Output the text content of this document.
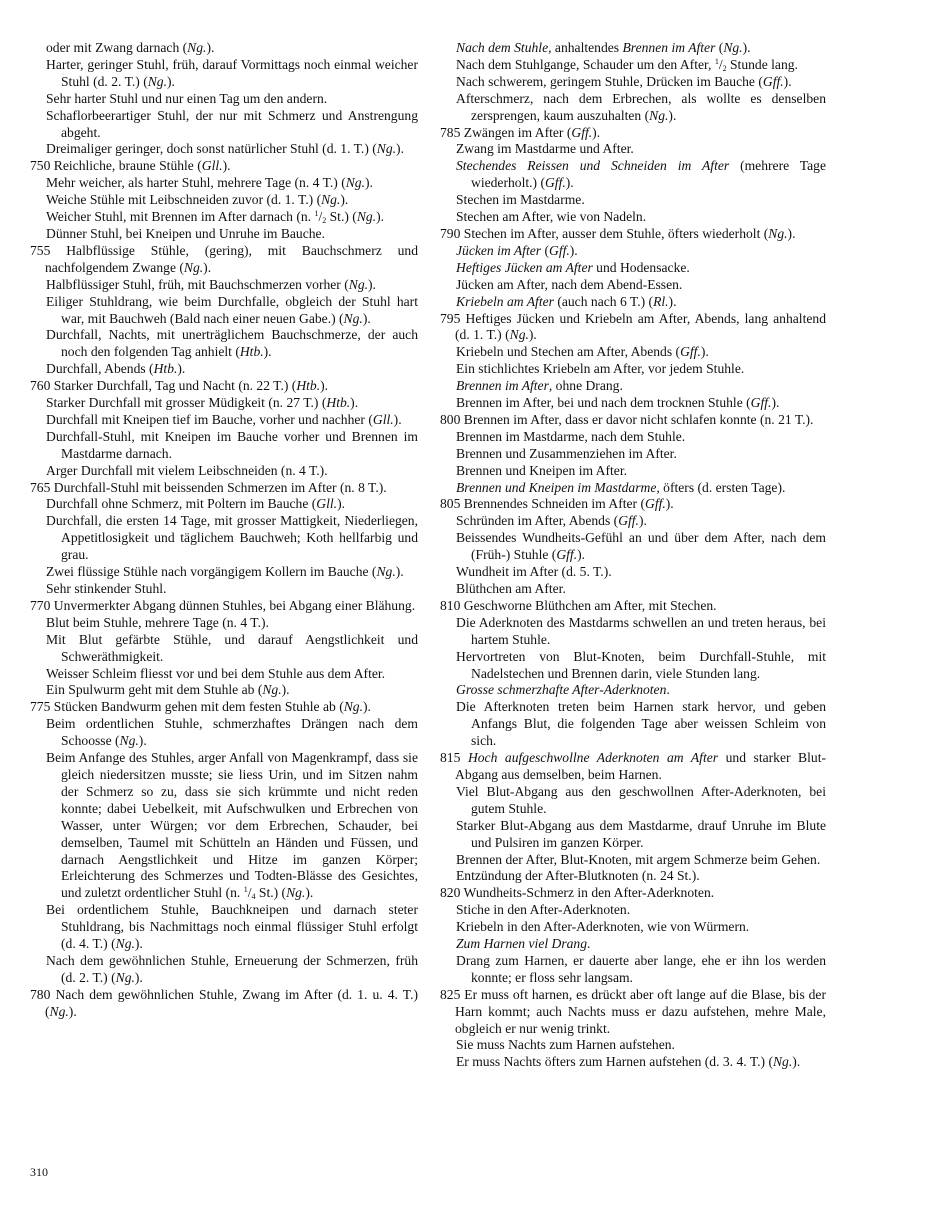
oder mit Zwang darnach (Ng.).
Harter, geringer Stuhl, früh, darauf Vormittags noch einmal weicher Stuhl (d. 2. T.) (Ng.).
Sehr harter Stuhl und nur einen Tag um den andern.
Schaflorbeerartiger Stuhl, der nur mit Schmerz und Anstrengung abgeht.
Dreimaliger geringer, doch sonst natürlicher Stuhl (d. 1. T.) (Ng.).
750 Reichliche, braune Stühle (Gll.).
Mehr weicher, als harter Stuhl, mehrere Tage (n. 4 T.) (Ng.).
Weiche Stühle mit Leibschneiden zuvor (d. 1. T.) (Ng.).
Weicher Stuhl, mit Brennen im After darnach (n. $^1/_2$ St.) (Ng.).
Dünner Stuhl, bei Kneipen und Unruhe im Bauche.
755 Halbflüssige Stühle, (gering), mit Bauchschmerz und nachfolgendem Zwange (Ng.).
Halbflüssiger Stuhl, früh, mit Bauchschmerzen vorher (Ng.).
Eiliger Stuhldrang, wie beim Durchfalle, obgleich der Stuhl hart war, mit Bauchweh (Bald nach einer neuen Gabe.) (Ng.).
Durchfall, Nachts, mit unerträglichem Bauchschmerze, der auch noch den folgenden Tag anhielt (Htb.).
Durchfall, Abends (Htb.).
760 Starker Durchfall, Tag und Nacht (n. 22 T.) (Htb.).
Starker Durchfall mit grosser Müdigkeit (n. 27 T.) (Htb.).
Durchfall mit Kneipen tief im Bauche, vorher und nachher (Gll.).
Durchfall-Stuhl, mit Kneipen im Bauche vorher und Brennen im Mastdarme darnach.
Arger Durchfall mit vielem Leibschneiden (n. 4 T.).
765 Durchfall-Stuhl mit beissenden Schmerzen im After (n. 8 T.).
Durchfall ohne Schmerz, mit Poltern im Bauche (Gll.).
Durchfall, die ersten 14 Tage, mit grosser Mattigkeit, Niederliegen, Appetitlosigkeit und täglichem Bauchweh; Koth hellfarbig und grau.
Zwei flüssige Stühle nach vorgängigem Kollern im Bauche (Ng.).
Sehr stinkender Stuhl.
770 Unvermerkter Abgang dünnen Stuhles, bei Abgang einer Blähung.
Blut beim Stuhle, mehrere Tage (n. 4 T.).
Mit Blut gefärbte Stühle, und darauf Aengstlichkeit und Schweräthmigkeit.
Weisser Schleim fliesst vor und bei dem Stuhle aus dem After.
Ein Spulwurm geht mit dem Stuhle ab (Ng.).
775 Stücken Bandwurm gehen mit dem festen Stuhle ab (Ng.).
Beim ordentlichen Stuhle, schmerzhaftes Drängen nach dem Schoosse (Ng.).
Beim Anfange des Stuhles, arger Anfall von Magenkrampf, dass sie gleich niedersitzen musste; sie liess Urin, und im Sitzen nahm der Schmerz so zu, dass sie sich krümmte und nicht reden konnte; dabei Uebelkeit, mit Aufschwulken und Erbrechen von Wasser, unter Würgen; vor dem Erbrechen, Schauder, bei demselben, Taumel mit Schütteln an Händen und Füssen, und darnach Aengstlichkeit und Hitze im ganzen Körper; Erleichterung des Schmerzes und Todten-Blässe des Gesichtes, und zuletzt ordentlicher Stuhl (n. $^1/_4$ St.) (Ng.).
Bei ordentlichem Stuhle, Bauchkneipen und darnach steter Stuhldrang, bis Nachmittags noch einmal flüssiger Stuhl erfolgt (d. 4. T.) (Ng.).
Nach dem gewöhnlichen Stuhle, Erneuerung der Schmerzen, früh (d. 2. T.) (Ng.).
780 Nach dem gewöhnlichen Stuhle, Zwang im After (d. 1. u. 4. T.) (Ng.).
Nach dem Stuhle, anhaltendes Brennen im After (Ng.).
Nach dem Stuhlgange, Schauder um den After, $^1/_2$ Stunde lang.
Nach schwerem, geringem Stuhle, Drücken im Bauche (Gff.).
Afterschmerz, nach dem Erbrechen, als wollte es denselben zersprengen, kaum auszuhalten (Ng.).
785 Zwängen im After (Gff.).
Zwang im Mastdarme und After.
Stechendes Reissen und Schneiden im After (mehrere Tage wiederholt.) (Gff.).
Stechen im Mastdarme.
Stechen am After, wie von Nadeln.
790 Stechen im After, ausser dem Stuhle, öfters wiederholt (Ng.).
Jücken im After (Gff.).
Heftiges Jücken am After und Hodensacke.
Jücken am After, nach dem Abend-Essen.
Kriebeln am After (auch nach 6 T.) (Rl.).
795 Heftiges Jücken und Kriebeln am After, Abends, lang anhaltend (d. 1. T.) (Ng.).
Kriebeln und Stechen am After, Abends (Gff.).
Ein stichlichtes Kriebeln am After, vor jedem Stuhle.
Brennen im After, ohne Drang.
Brennen im After, bei und nach dem trocknen Stuhle (Gff.).
800 Brennen im After, dass er davor nicht schlafen konnte (n. 21 T.).
Brennen im Mastdarme, nach dem Stuhle.
Brennen und Zusammenziehen im After.
Brennen und Kneipen im After.
Brennen und Kneipen im Mastdarme, öfters (d. ersten Tage).
805 Brennendes Schneiden im After (Gff.).
Schründen im After, Abends (Gff.).
Beissendes Wundheits-Gefühl an und über dem After, nach dem (Früh-) Stuhle (Gff.).
Wundheit im After (d. 5. T.).
Blüthchen am After.
810 Geschworne Blüthchen am After, mit Stechen.
Die Aderknoten des Mastdarms schwellen an und treten heraus, bei hartem Stuhle.
Hervortreten von Blut-Knoten, beim Durchfall-Stuhle, mit Nadelstechen und Brennen darin, viele Stunden lang.
Grosse schmerzhafte After-Aderknoten.
Die Afterknoten treten beim Harnen stark hervor, und geben Anfangs Blut, die folgenden Tage aber weissen Schleim von sich.
815 Hoch aufgeschwollne Aderknoten am After und starker Blut-Abgang aus demselben, beim Harnen.
Viel Blut-Abgang aus den geschwollnen After-Aderknoten, bei gutem Stuhle.
Starker Blut-Abgang aus dem Mastdarme, drauf Unruhe im Blute und Pulsiren im ganzen Körper.
Brennen der After, Blut-Knoten, mit argem Schmerze beim Gehen.
Entzündung der After-Blutknoten (n. 24 St.).
820 Wundheits-Schmerz in den After-Aderknoten.
Stiche in den After-Aderknoten.
Kriebeln in den After-Aderknoten, wie von Würmern.
Zum Harnen viel Drang.
Drang zum Harnen, er dauerte aber lange, ehe er ihn los werden konnte; er floss sehr langsam.
825 Er muss oft harnen, es drückt aber oft lange auf die Blase, bis der Harn kommt; auch Nachts muss er dazu aufstehen, mehre Male, obgleich er nur wenig trinkt.
Sie muss Nachts zum Harnen aufstehen.
Er muss Nachts öfters zum Harnen aufstehen (d. 3. 4. T.) (Ng.).
310
